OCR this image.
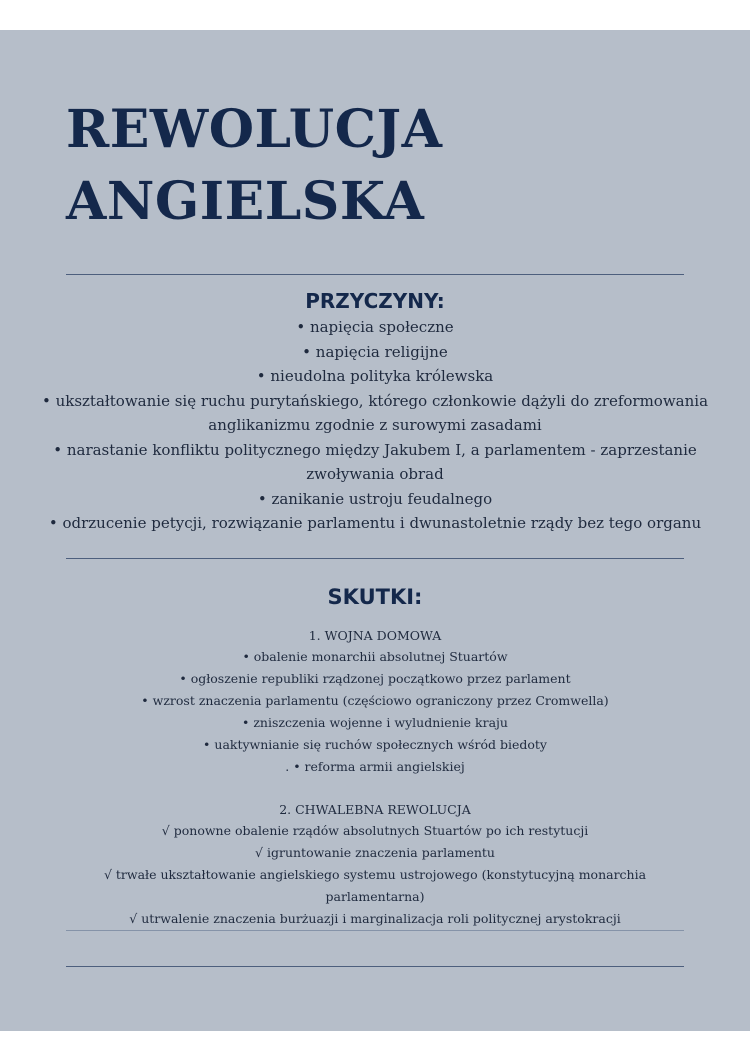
REWOLUCJA
ANGIELSKA
PRZYCZYNY:
• napięcia społeczne
• napięcia religijne
• nieudolna polityka królewska
• ukształtowanie się ruchu purytańskiego, którego członkowie dążyli do zreformowania
anglikanizmu zgodnie z surowymi zasadami
• narastanie konfliktu politycznego między Jakubem I, a parlamentem - zaprzestanie
zwoływania obrad
• zanikanie ustroju feudalnego
• odrzucenie petycji, rozwiązanie parlamentu i dwunastoletnie rządy bez tego organu
SKUTKI:
1. WOJNA DOMOWA
• obalenie monarchii absolutnej Stuartów
• ogłoszenie republiki rządzonej początkowo przez parlament
• wzrost znaczenia parlamentu (częściowo ograniczony przez Cromwella)
• zniszczenia wojenne i wyludnienie kraju
• uaktywnianie się ruchów społecznych wśród biedoty
. • reforma armii angielskiej
2. CHWALEBNA REWOLUCJA
√ ponowne obalenie rządów absolutnych Stuartów po ich restytucji
√ igruntowanie znaczenia parlamentu
√ trwałe ukształtowanie angielskiego systemu ustrojowego (konstytucyjną monarchia
parlamentarna)
√ utrwalenie znaczenia burżuazji i marginalizacja roli politycznej arystokracji
